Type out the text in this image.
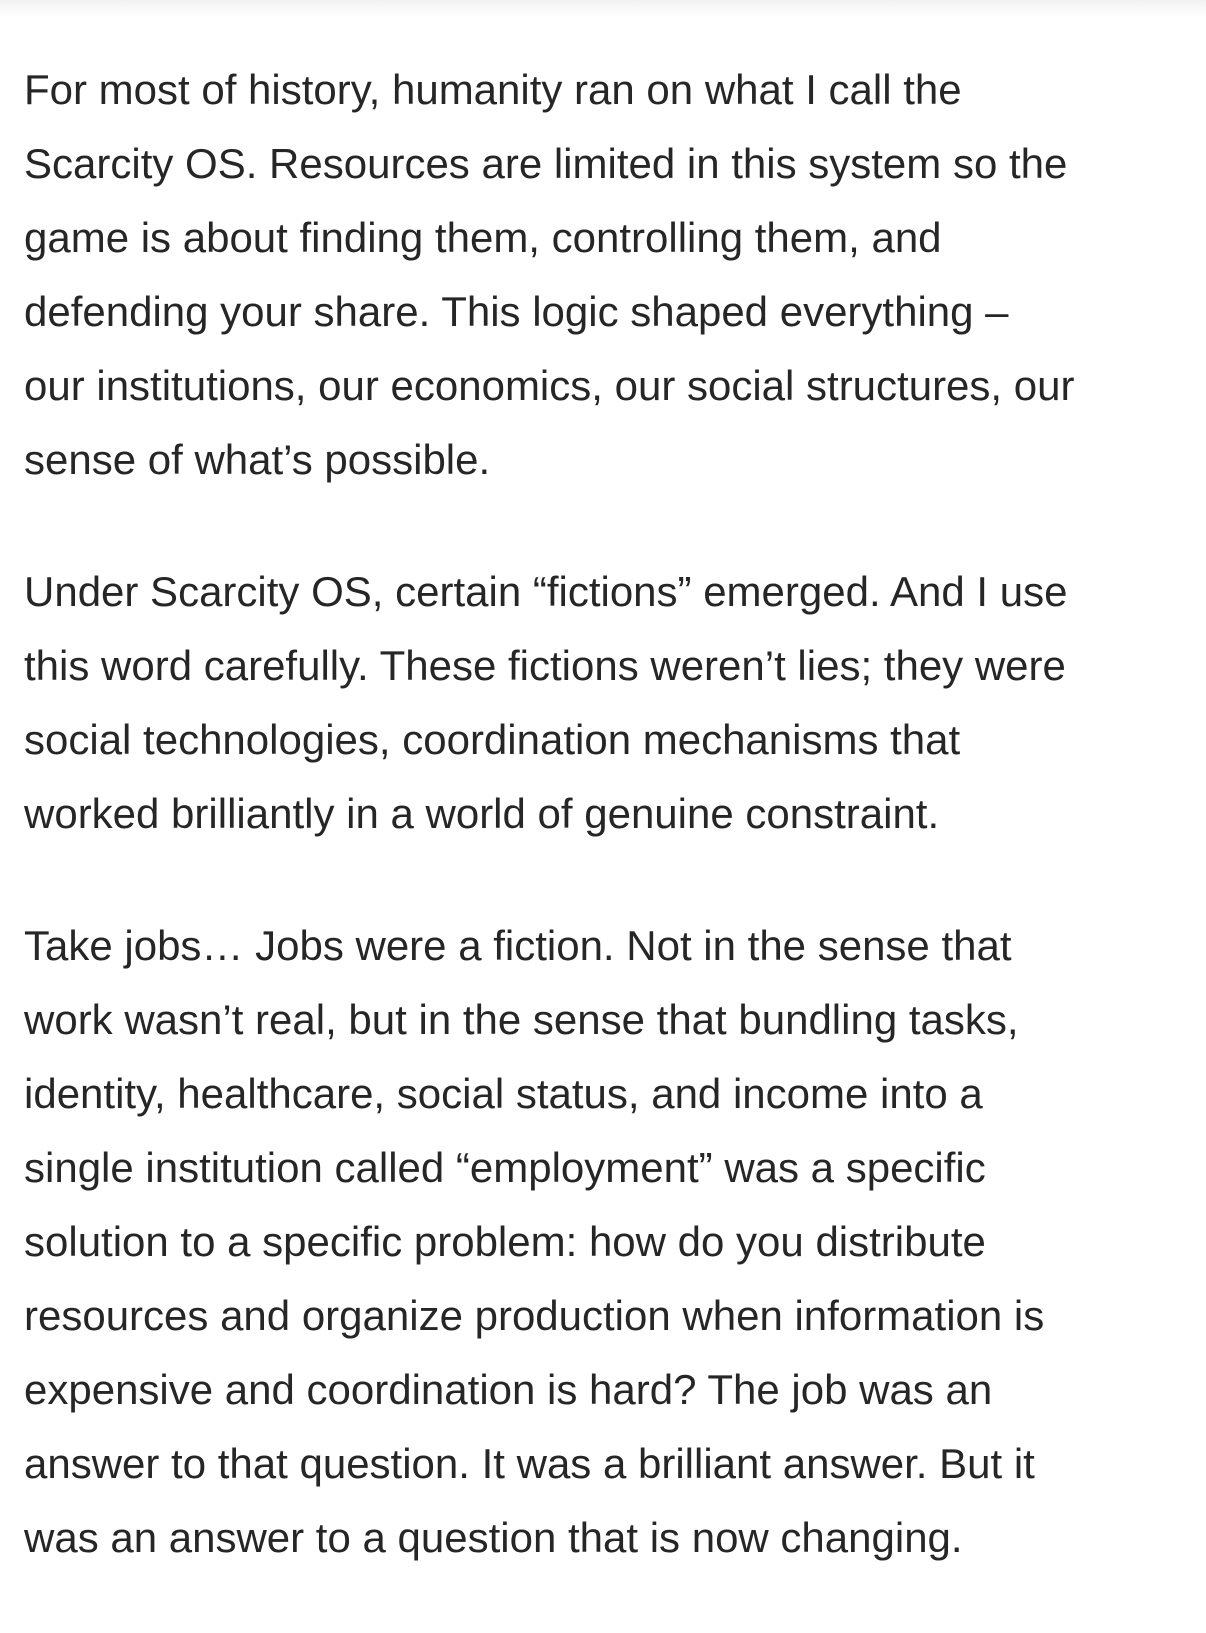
For most of history, humanity ran on what I call the
Scarcity OS. Resources are limited in this system so the
game is about finding them, controlling them, and
defending your share. This logic shaped everything –
our institutions, our economics, our social structures, our
sense of what’s possible.

Under Scarcity OS, certain “fictions” emerged. And I use
this word carefully. These fictions weren’t lies; they were
social technologies, coordination mechanisms that
worked brilliantly in a world of genuine constraint.

Take jobs… Jobs were a fiction. Not in the sense that
work wasn’t real, but in the sense that bundling tasks,
identity, healthcare, social status, and income into a
single institution called “employment” was a specific
solution to a specific problem: how do you distribute
resources and organize production when information is
expensive and coordination is hard? The job was an
answer to that question. It was a brilliant answer. But it
was an answer to a question that is now changing.
